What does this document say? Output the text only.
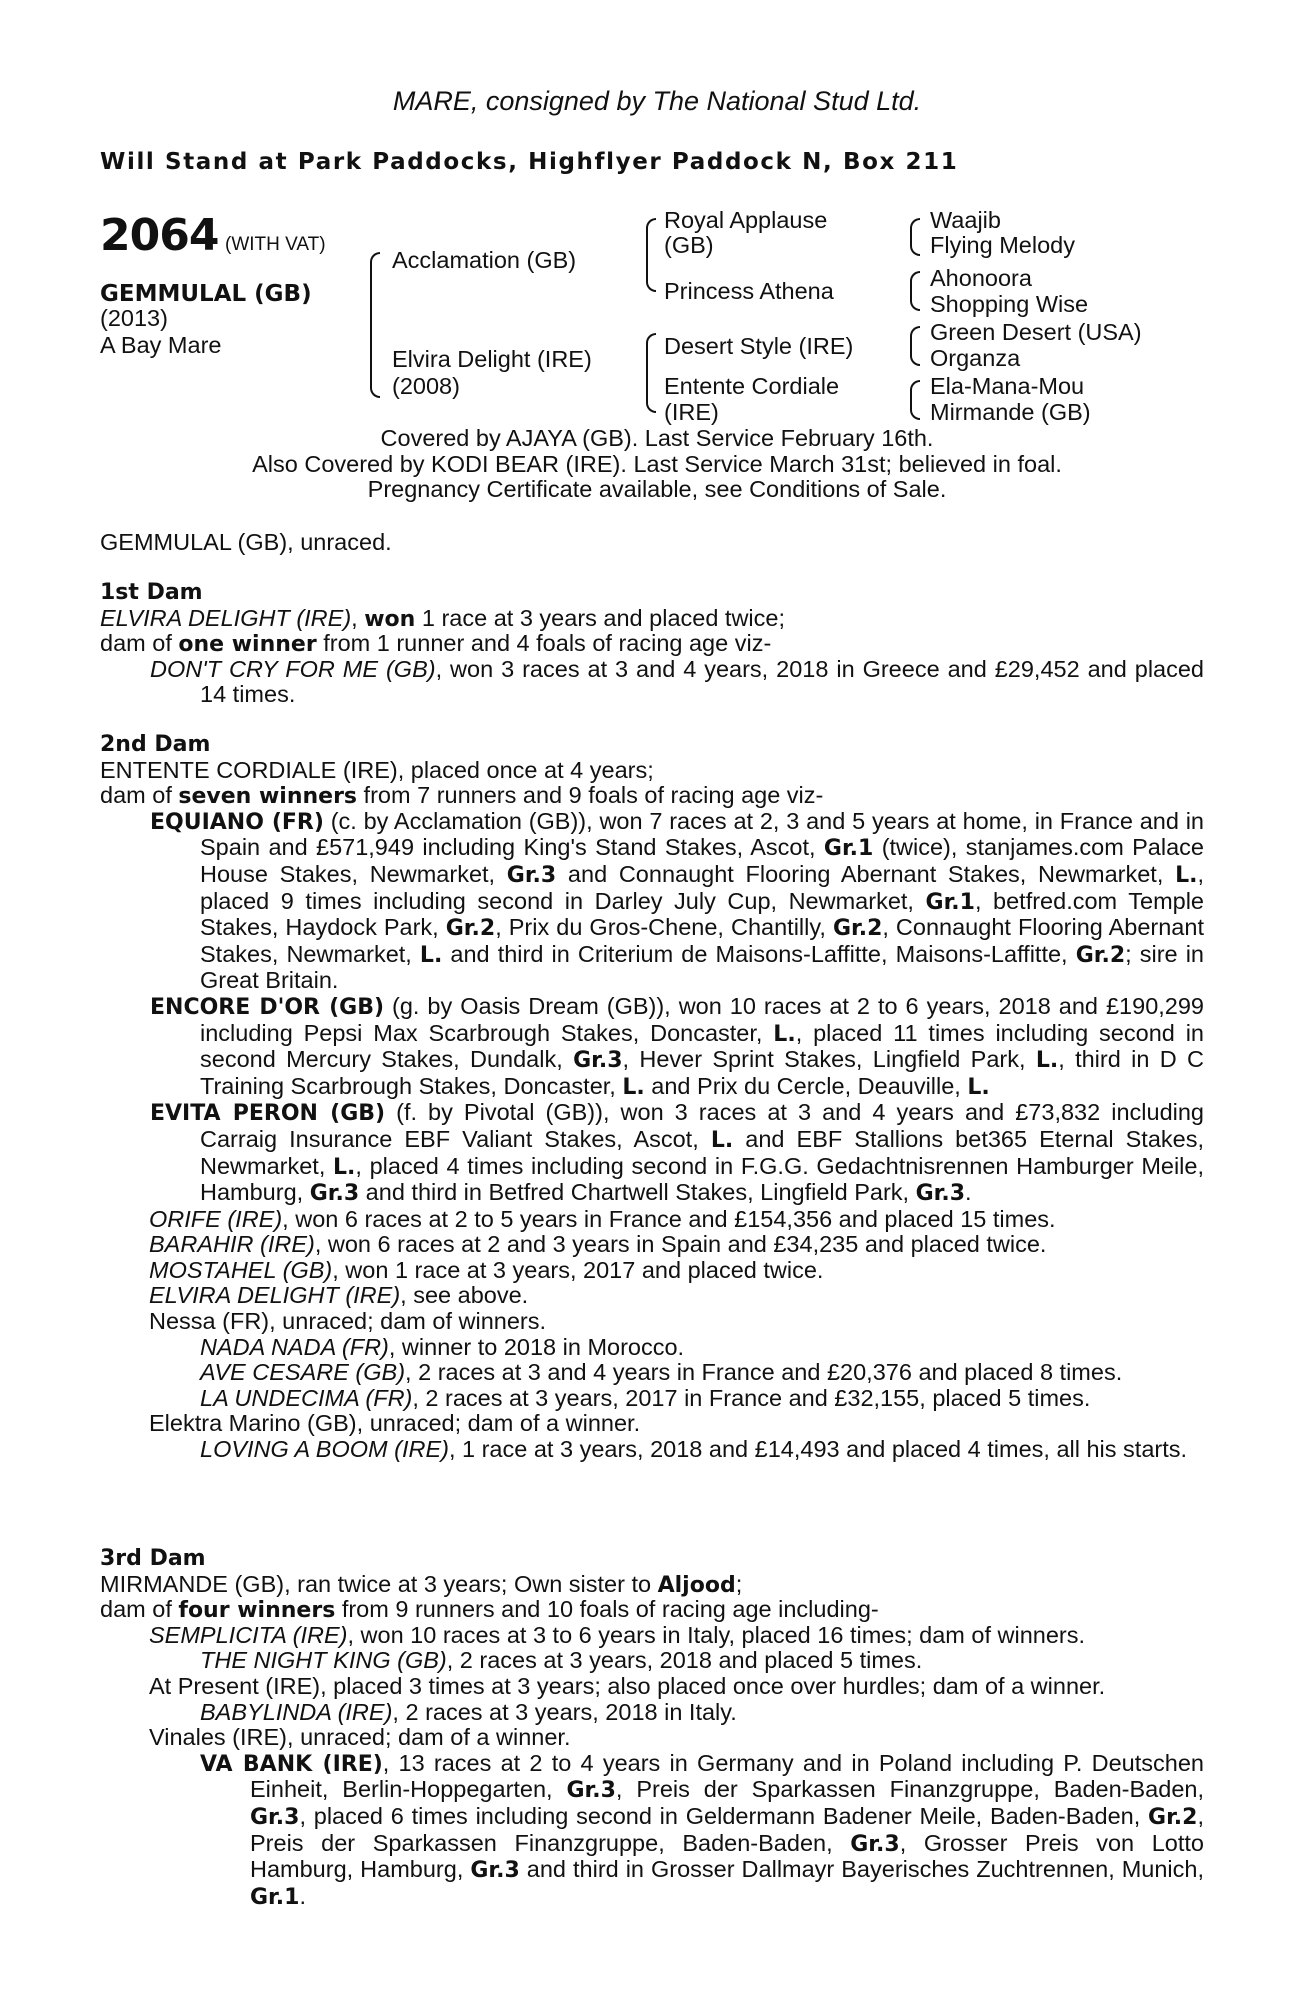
MARE, consigned by The National Stud Ltd.
Will Stand at Park Paddocks, Highflyer Paddock N, Box 211
2064 (WITH VAT)
GEMMULAL (GB)
(2013)
A Bay Mare
Acclamation (GB)
Elvira Delight (IRE)
(2008)
Royal Applause
(GB)
Princess Athena
Desert Style (IRE)
Entente Cordiale
(IRE)
Waajib
Flying Melody
Ahonoora
Shopping Wise
Green Desert (USA)
Organza
Ela-Mana-Mou
Mirmande (GB)
Covered by AJAYA (GB). Last Service February 16th.
Also Covered by KODI BEAR (IRE). Last Service March 31st; believed in foal.
Pregnancy Certificate available, see Conditions of Sale.
GEMMULAL (GB), unraced.
1st Dam
ELVIRA DELIGHT (IRE), won 1 race at 3 years and placed twice;
dam of one winner from 1 runner and 4 foals of racing age viz-
DON'T CRY FOR ME (GB), won 3 races at 3 and 4 years, 2018 in Greece and £29,452 and placed 14 times.
2nd Dam
ENTENTE CORDIALE (IRE), placed once at 4 years;
dam of seven winners from 7 runners and 9 foals of racing age viz-
EQUIANO (FR) (c. by Acclamation (GB)), won 7 races at 2, 3 and 5 years at home, in France and in Spain and £571,949 including King's Stand Stakes, Ascot, Gr.1 (twice), stanjames.com Palace House Stakes, Newmarket, Gr.3 and Connaught Flooring Abernant Stakes, Newmarket, L., placed 9 times including second in Darley July Cup, Newmarket, Gr.1, betfred.com Temple Stakes, Haydock Park, Gr.2, Prix du Gros-Chene, Chantilly, Gr.2, Connaught Flooring Abernant Stakes, Newmarket, L. and third in Criterium de Maisons-Laffitte, Maisons-Laffitte, Gr.2; sire in Great Britain.
ENCORE D'OR (GB) (g. by Oasis Dream (GB)), won 10 races at 2 to 6 years, 2018 and £190,299 including Pepsi Max Scarbrough Stakes, Doncaster, L., placed 11 times including second in second Mercury Stakes, Dundalk, Gr.3, Hever Sprint Stakes, Lingfield Park, L., third in D C Training Scarbrough Stakes, Doncaster, L. and Prix du Cercle, Deauville, L.
EVITA PERON (GB) (f. by Pivotal (GB)), won 3 races at 3 and 4 years and £73,832 including Carraig Insurance EBF Valiant Stakes, Ascot, L. and EBF Stallions bet365 Eternal Stakes, Newmarket, L., placed 4 times including second in F.G.G. Gedachtnisrennen Hamburger Meile, Hamburg, Gr.3 and third in Betfred Chartwell Stakes, Lingfield Park, Gr.3.
ORIFE (IRE), won 6 races at 2 to 5 years in France and £154,356 and placed 15 times.
BARAHIR (IRE), won 6 races at 2 and 3 years in Spain and £34,235 and placed twice.
MOSTAHEL (GB), won 1 race at 3 years, 2017 and placed twice.
ELVIRA DELIGHT (IRE), see above.
Nessa (FR), unraced; dam of winners.
NADA NADA (FR), winner to 2018 in Morocco.
AVE CESARE (GB), 2 races at 3 and 4 years in France and £20,376 and placed 8 times.
LA UNDECIMA (FR), 2 races at 3 years, 2017 in France and £32,155, placed 5 times.
Elektra Marino (GB), unraced; dam of a winner.
LOVING A BOOM (IRE), 1 race at 3 years, 2018 and £14,493 and placed 4 times, all his starts.
3rd Dam
MIRMANDE (GB), ran twice at 3 years; Own sister to Aljood;
dam of four winners from 9 runners and 10 foals of racing age including-
SEMPLICITA (IRE), won 10 races at 3 to 6 years in Italy, placed 16 times; dam of winners.
THE NIGHT KING (GB), 2 races at 3 years, 2018 and placed 5 times.
At Present (IRE), placed 3 times at 3 years; also placed once over hurdles; dam of a winner.
BABYLINDA (IRE), 2 races at 3 years, 2018 in Italy.
Vinales (IRE), unraced; dam of a winner.
VA BANK (IRE), 13 races at 2 to 4 years in Germany and in Poland including P. Deutschen Einheit, Berlin-Hoppegarten, Gr.3, Preis der Sparkassen Finanzgruppe, Baden-Baden, Gr.3, placed 6 times including second in Geldermann Badener Meile, Baden-Baden, Gr.2, Preis der Sparkassen Finanzgruppe, Baden-Baden, Gr.3, Grosser Preis von Lotto Hamburg, Hamburg, Gr.3 and third in Grosser Dallmayr Bayerisches Zuchtrennen, Munich, Gr.1.
